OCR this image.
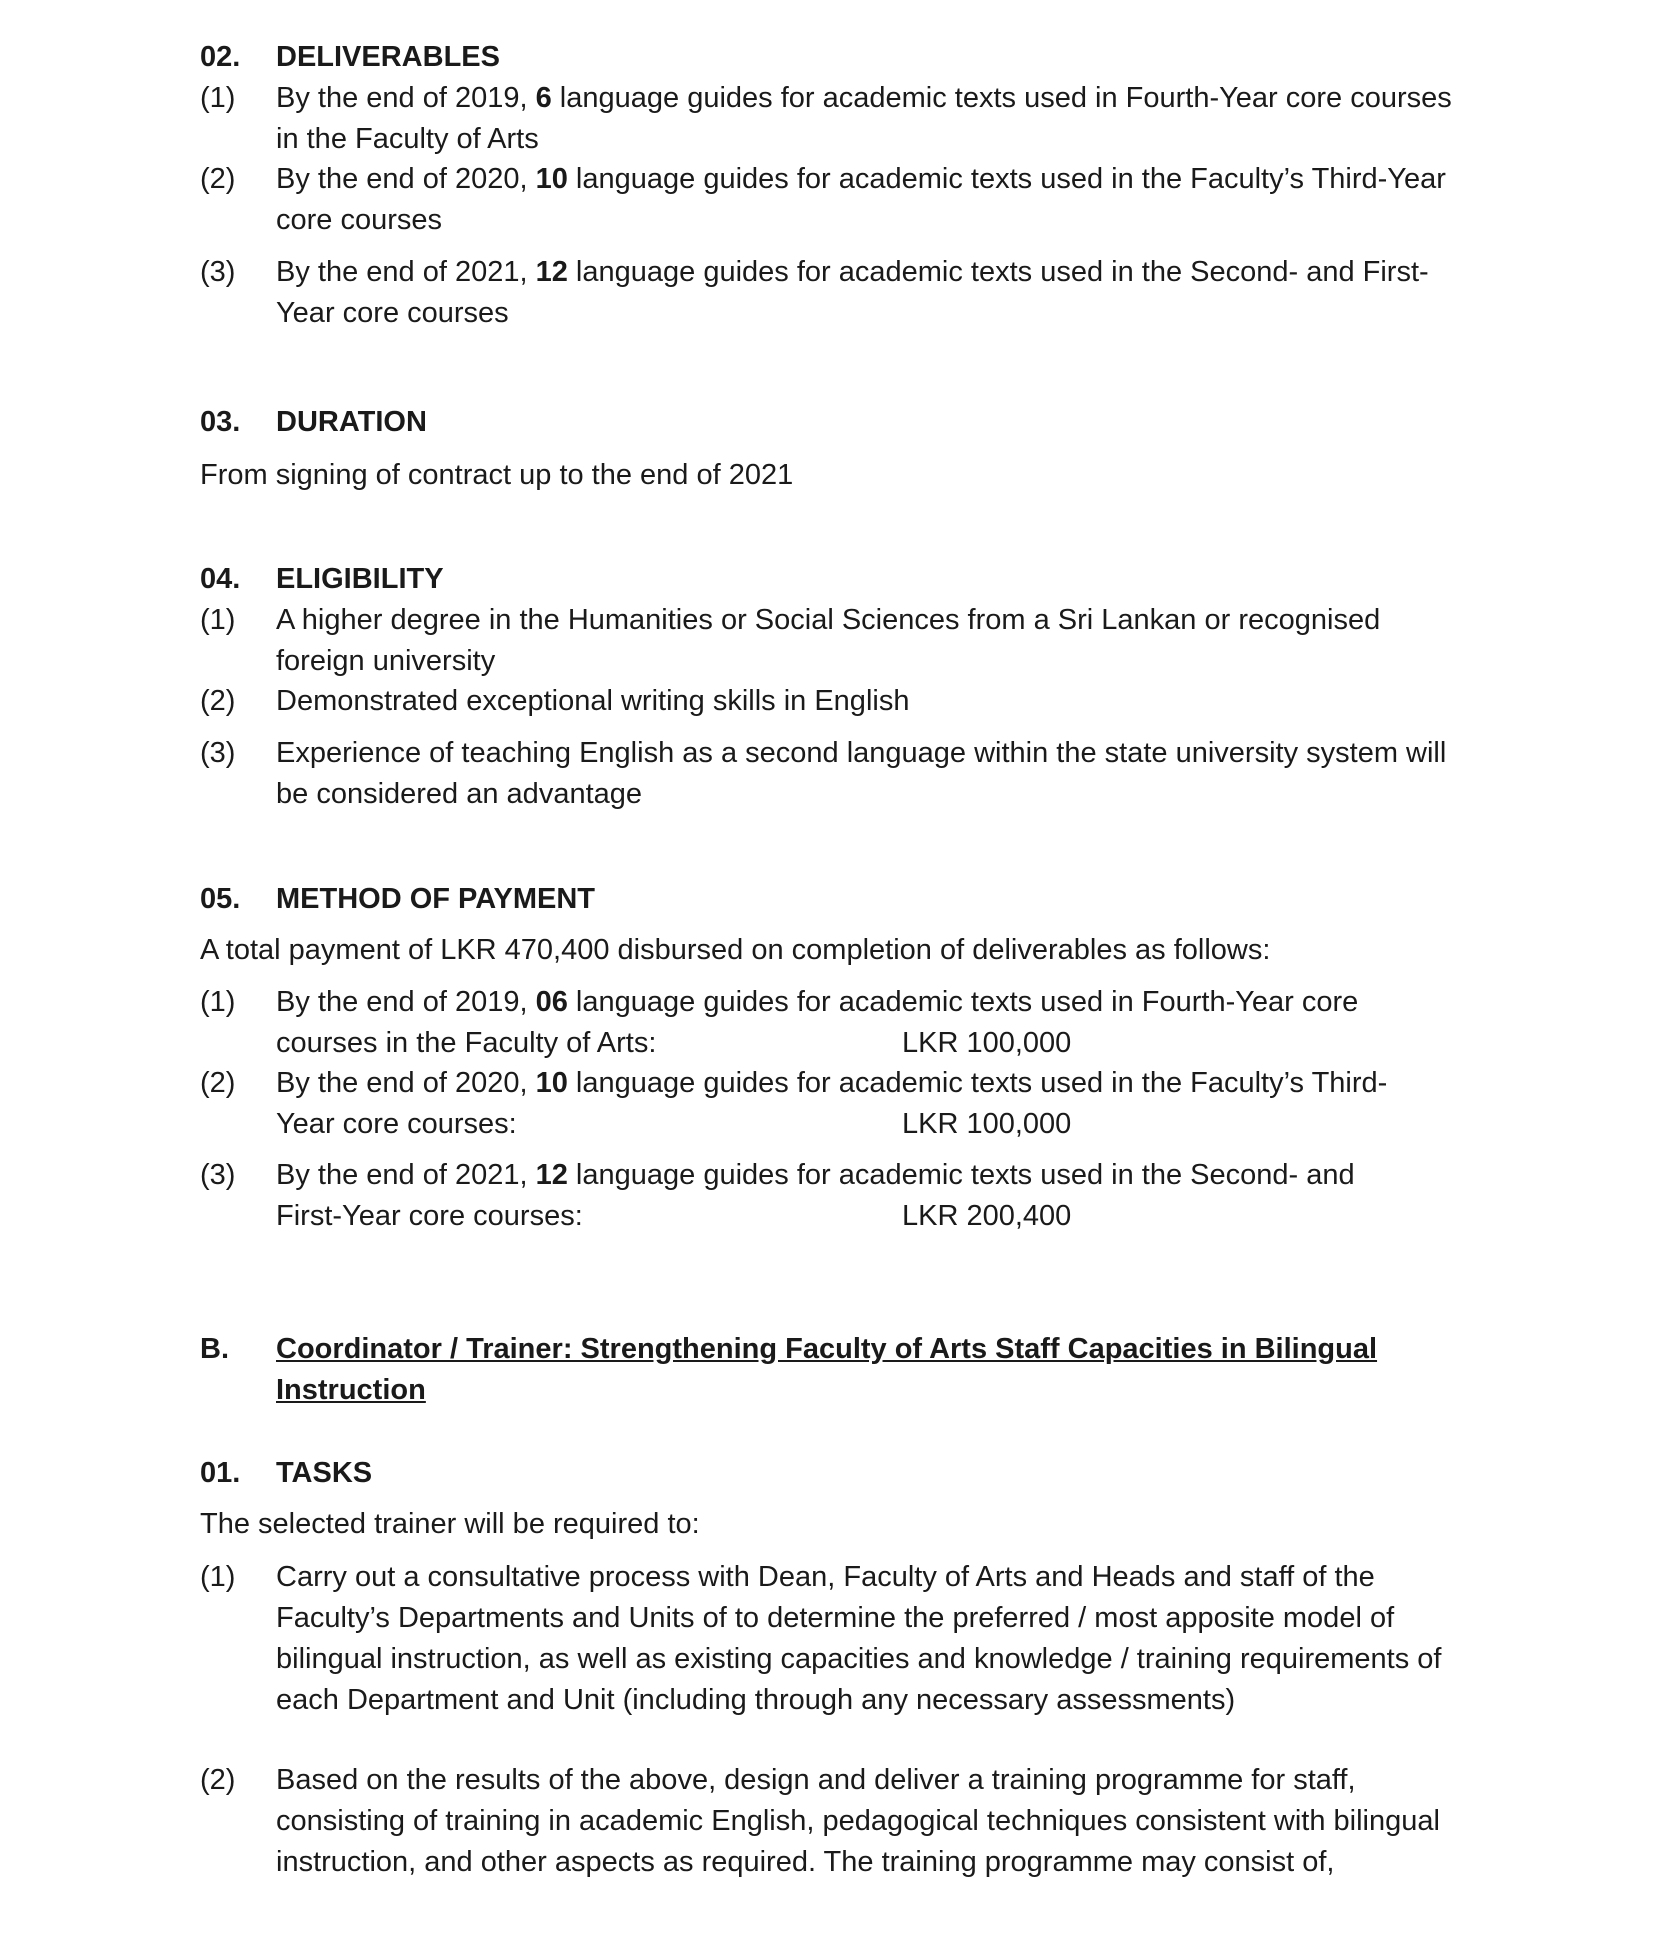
02. DELIVERABLES
(1) By the end of 2019, 6 language guides for academic texts used in Fourth-Year core courses in the Faculty of Arts
(2) By the end of 2020, 10 language guides for academic texts used in the Faculty’s Third-Year core courses
(3) By the end of 2021, 12 language guides for academic texts used in the Second- and First-Year core courses
03. DURATION
From signing of contract up to the end of 2021
04. ELIGIBILITY
(1) A higher degree in the Humanities or Social Sciences from a Sri Lankan or recognised foreign university
(2) Demonstrated exceptional writing skills in English
(3) Experience of teaching English as a second language within the state university system will be considered an advantage
05. METHOD OF PAYMENT
A total payment of LKR 470,400 disbursed on completion of deliverables as follows:
(1) By the end of 2019, 06 language guides for academic texts used in Fourth-Year core
courses in the Faculty of Arts:	LKR 100,000
(2) By the end of 2020, 10 language guides for academic texts used in the Faculty’s Third-
Year core courses:	LKR 100,000
(3) By the end of 2021, 12 language guides for academic texts used in the Second- and
First-Year core courses:	LKR 200,400
B. Coordinator / Trainer: Strengthening Faculty of Arts Staff Capacities in Bilingual Instruction
01. TASKS
The selected trainer will be required to:
(1) Carry out a consultative process with Dean, Faculty of Arts and Heads and staff of the Faculty’s Departments and Units of to determine the preferred / most apposite model of bilingual instruction, as well as existing capacities and knowledge / training requirements of each Department and Unit (including through any necessary assessments)
(2) Based on the results of the above, design and deliver a training programme for staff, consisting of training in academic English, pedagogical techniques consistent with bilingual instruction, and other aspects as required. The training programme may consist of,
